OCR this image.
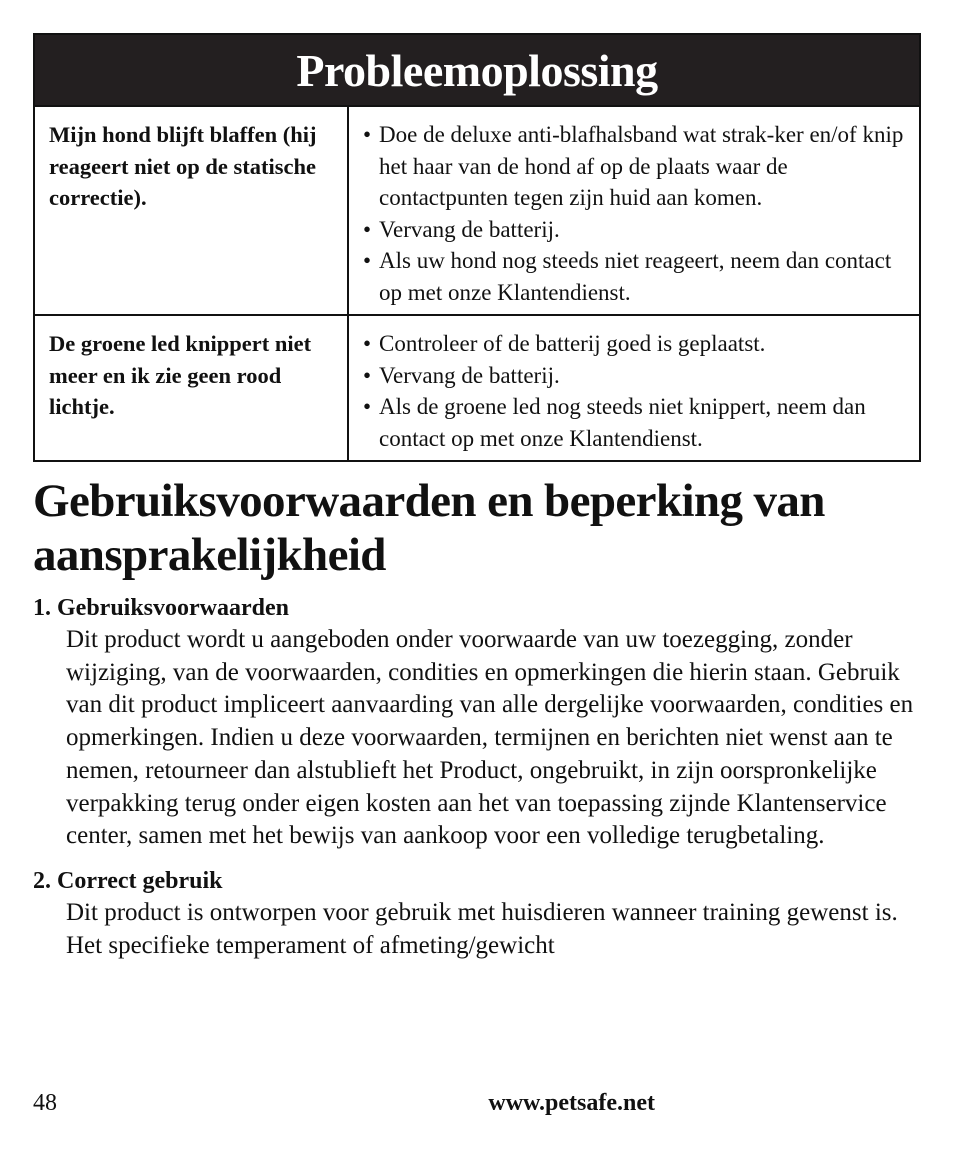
Probleemoplossing
Mijn hond blijft blaffen (hij reageert niet op de statische correctie).
• Doe de deluxe anti-blafhalsband wat strak-ker en/of knip het haar van de hond af op de plaats waar de contactpunten tegen zijn huid aan komen.
• Vervang de batterij.
• Als uw hond nog steeds niet reageert, neem dan contact op met onze Klantendienst.
De groene led knippert niet meer en ik zie geen rood lichtje.
• Controleer of de batterij goed is geplaatst.
• Vervang de batterij.
• Als de groene led nog steeds niet knippert, neem dan contact op met onze Klantendienst.
Gebruiksvoorwaarden en beperking van aansprakelijkheid
1. Gebruiksvoorwaarden
Dit product wordt u aangeboden onder voorwaarde van uw toezegging, zonder wijziging, van de voorwaarden, condities en opmerkingen die hierin staan. Gebruik van dit product impliceert aanvaarding van alle dergelijke voorwaarden, condities en opmerkingen. Indien u deze voorwaarden, termijnen en berichten niet wenst aan te nemen, retourneer dan alstublieft het Product, ongebruikt, in zijn oorspronkelijke verpakking terug onder eigen kosten aan het van toepassing zijnde Klantenservice center, samen met het bewijs van aankoop voor een volledige terugbetaling.
2. Correct gebruik
Dit product is ontworpen voor gebruik met huisdieren wanneer training gewenst is. Het specifieke temperament of afmeting/gewicht
48	www.petsafe.net
